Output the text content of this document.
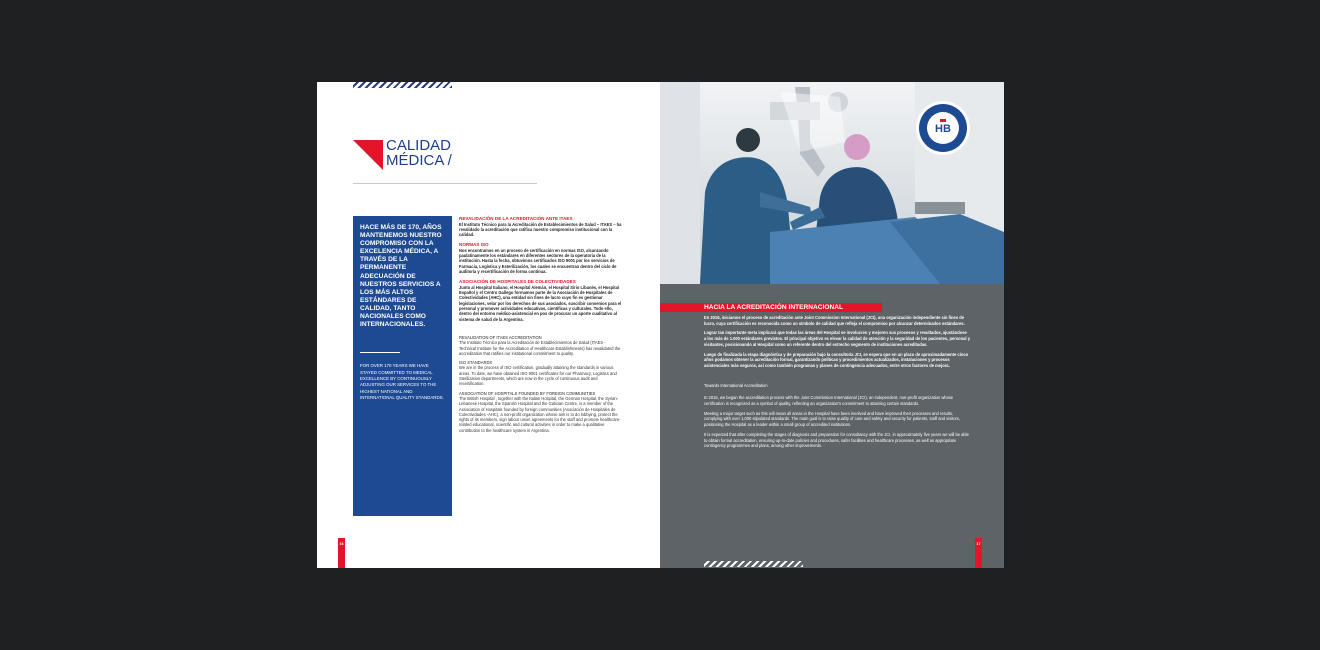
CALIDAD
MÉDICA /

HACE MÁS DE 170, AÑOS MANTENEMOS NUESTRO COMPROMISO CON LA EXCELENCIA MÉDICA, A TRAVÉS DE LA PERMANENTE ADECUACIÓN DE NUESTROS SERVICIOS A LOS MÁS ALTOS ESTÁNDARES DE CALIDAD, TANTO NACIONALES COMO INTERNACIONALES.

FOR OVER 170 YEARS WE HAVE STAYED COMMITTED TO MEDICAL EXCELLENCE BY CONTINUOUSLY ADJUSTING OUR SERVICES TO THE HIGHEST NATIONAL AND INTERNATIONAL QUALITY STANDARDS.

REVALIDACIÓN DE LA ACREDITACIÓN ANTE ITAES

El Instituto Técnico para la Acreditación de Establecimientos de Salud – ITAES – ha revalidado la acreditación que ratifica nuestro compromiso institucional con la calidad.

NORMAS ISO

Nos encontramos en un proceso de certificación en normas ISO, alcanzando paulatinamente los estándares en diferentes sectores de la operatoria de la institución. Hasta la fecha, obtuvimos certificados ISO 9001 por los servicios de Farmacia, Logística y Esterilización, los cuales se encuentran dentro del ciclo de auditoría y recertificación de forma continua.

ASOCIACIÓN DE HOSPITALES DE COLECTIVIDADES

Junto al Hospital Italiano, el Hospital Alemán, el Hospital Sirio Libanés, el Hospital Español y el Centro Gallego formamos parte de la Asociación de Hospitales de Colectividades (AHC), una entidad sin fines de lucro cuyo fin es gestionar legislaciones, velar por los derechos de sus asociados, suscribir convenios para el personal y promover actividades educativas, científicas y culturales. Todo ello, dentro del entorno médico-asistencial en pos de procurar un aporte cualitativo al sistema de salud de la Argentina.

REVALIDATION OF ITAES ACCREDITATION

The Instituto Técnico para la Acreditación de Establecimientos de Salud (ITAES - Technical Institute for the Accreditation of Healthcare Establishments) has revalidated the accreditation that ratifies our institutional commitment to quality.

ISO STANDARDS

We are in the process of ISO certification, gradually attaining the standards in various areas. To date, we have obtained ISO 9001 certificates for our Pharmacy, Logistics and Sterilization departments, which are now in the cycle of continuous audit and recertification.

ASSOCIATION OF HOSPITALS FOUNDED BY FOREIGN COMMUNITIES

The British Hospital , together with the Italian Hospital, the German Hospital, the Syrian-Lebanese Hospital, the Spanish Hospital and the Galician Centre, is a member of the Association of Hospitals founded by foreign communities (Asociación de Hospitales de Colectividades -AHC), a non-profit organization whose aim is to do lobbying, protect the rights of its members, sign labour union agreements for the staff and promote healthcare-related educational, scientific and cultural activities in order to make a qualitative contribution to the healthcare system in Argentina.

16
HB
HACIA LA ACREDITACIÓN INTERNACIONAL

En 2016, iniciamos el proceso de acreditación ante Joint Commission International (JCI), una organización independiente sin fines de lucro, cuya certificación es reconocida como un símbolo de calidad que refleja el compromiso por alcanzar determinados estándares.

Lograr tan importante meta implicará que todas las áreas del Hospital se involucren y mejoren sus procesos y resultados, ajustándose a los más de 1.000 estándares previstos. El principal objetivo es elevar la calidad de atención y la seguridad de los pacientes, personal y visitantes, posicionando al Hospital como un referente dentro del estrecho segmento de instituciones acreditadas.

Luego de finalizada la etapa diagnóstica y de preparación bajo la consultoría JCI, se espera que en un plazo de aproximadamente cinco años podamos obtener la acreditación formal, garantizando políticas y procedimientos actualizados, instalaciones y procesos asistenciales más seguros, así como también programas y planes de contingencia adecuados, entre otros factores de mejora.

Towards International Accreditation

In 2016, we began the accreditation process with the Joint Commission International (JCI), an independent, non-profit organization whose certification is recognized as a symbol of quality, reflecting an organization's commitment to attaining certain standards.

Meeting a major target such as this will mean all areas in the Hospital have been involved and have improved their processes and results, complying with over 1,000 stipulated standards. The main goal is to raise quality of care and safety and security for patients, staff and visitors, positioning the Hospital as a leader within a small group of accredited institutions.

It is expected that after completing the stages of diagnosis and preparation for consultancy with the JCI, in approximately five years we will be able to obtain formal accreditation, ensuring up-to-date policies and procedures, safer facilities and healthcare processes, as well as appropriate contingency programmes and plans, among other improvements.

17
